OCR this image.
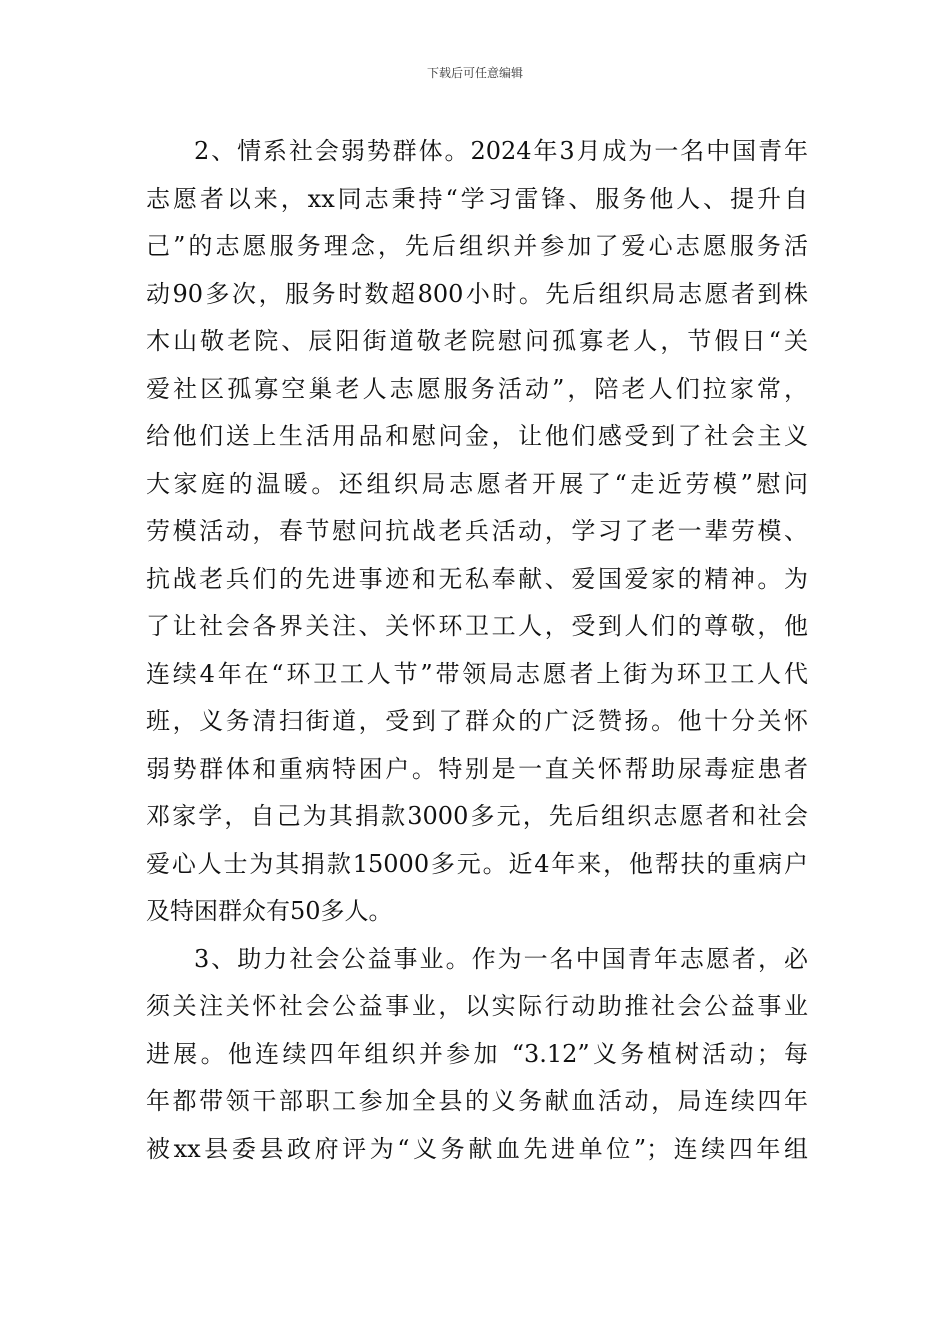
下载后可任意编辑
2、情系社会弱势群体。2024年3月成为一名中国青年
志愿者以来，xx同志秉持“学习雷锋、服务他人、提升自
己”的志愿服务理念，先后组织并参加了爱心志愿服务活
动90多次，服务时数超800小时。先后组织局志愿者到株
木山敬老院、辰阳街道敬老院慰问孤寡老人，节假日“关
爱社区孤寡空巢老人志愿服务活动”，陪老人们拉家常，
给他们送上生活用品和慰问金，让他们感受到了社会主义
大家庭的温暖。还组织局志愿者开展了“走近劳模”慰问
劳模活动，春节慰问抗战老兵活动，学习了老一辈劳模、
抗战老兵们的先进事迹和无私奉献、爱国爱家的精神。为
了让社会各界关注、关怀环卫工人，受到人们的尊敬，他
连续4年在“环卫工人节”带领局志愿者上街为环卫工人代
班，义务清扫街道，受到了群众的广泛赞扬。他十分关怀
弱势群体和重病特困户。特别是一直关怀帮助尿毒症患者
邓家学，自己为其捐款3000多元，先后组织志愿者和社会
爱心人士为其捐款15000多元。近4年来，他帮扶的重病户
及特困群众有50多人。
3、助力社会公益事业。作为一名中国青年志愿者，必
须关注关怀社会公益事业，以实际行动助推社会公益事业
进展。他连续四年组织并参加 “3.12”义务植树活动；每
年都带领干部职工参加全县的义务献血活动，局连续四年
被xx县委县政府评为“义务献血先进单位”；连续四年组
